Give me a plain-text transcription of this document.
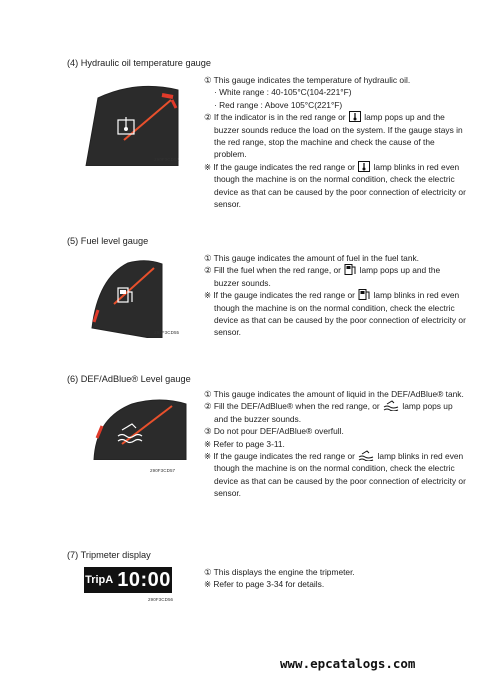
(4) Hydraulic oil temperature gauge
290F3CD54
① This gauge indicates the temperature of hydraulic oil.
· White range : 40-105°C(104-221°F)
· Red range : Above 105°C(221°F)
② If the indicator is in the red range or  lamp pops up and the buzzer sounds reduce the load on the system. If the gauge stays in the red range, stop the machine and check the cause of the problem.
※ If the gauge indicates the red range or  lamp blinks in red even though the machine is on the normal condition, check the electric device as that can be caused by the poor connection of electricity or sensor.
(5) Fuel level gauge
290F3CD55
① This gauge indicates the amount of fuel in the fuel tank.
② Fill the fuel when the red range, or  lamp pops up and the buzzer sounds.
※ If the gauge indicates the red range or  lamp blinks in red even though the machine is on the normal condition, check the electric device as that can be caused by the poor connection of electricity or sensor.
(6) DEF/AdBlue® Level gauge
290F3CD57
① This gauge indicates the amount of liquid in the DEF/AdBlue® tank.
② Fill the DEF/AdBlue® when the red range, or  lamp pops up and the buzzer sounds.
③ Do not pour DEF/AdBlue® overfull.
※ Refer to page 3-11.
※ If the gauge indicates the red range or  lamp blinks in red even though the machine is on the normal condition, check the electric device as that can be caused by the poor connection of electricity or sensor.
(7) Tripmeter display
TripA 10:00
290F3CD56
① This displays the engine the tripmeter.
※ Refer to page 3-34 for details.
www.epcatalogs.com
